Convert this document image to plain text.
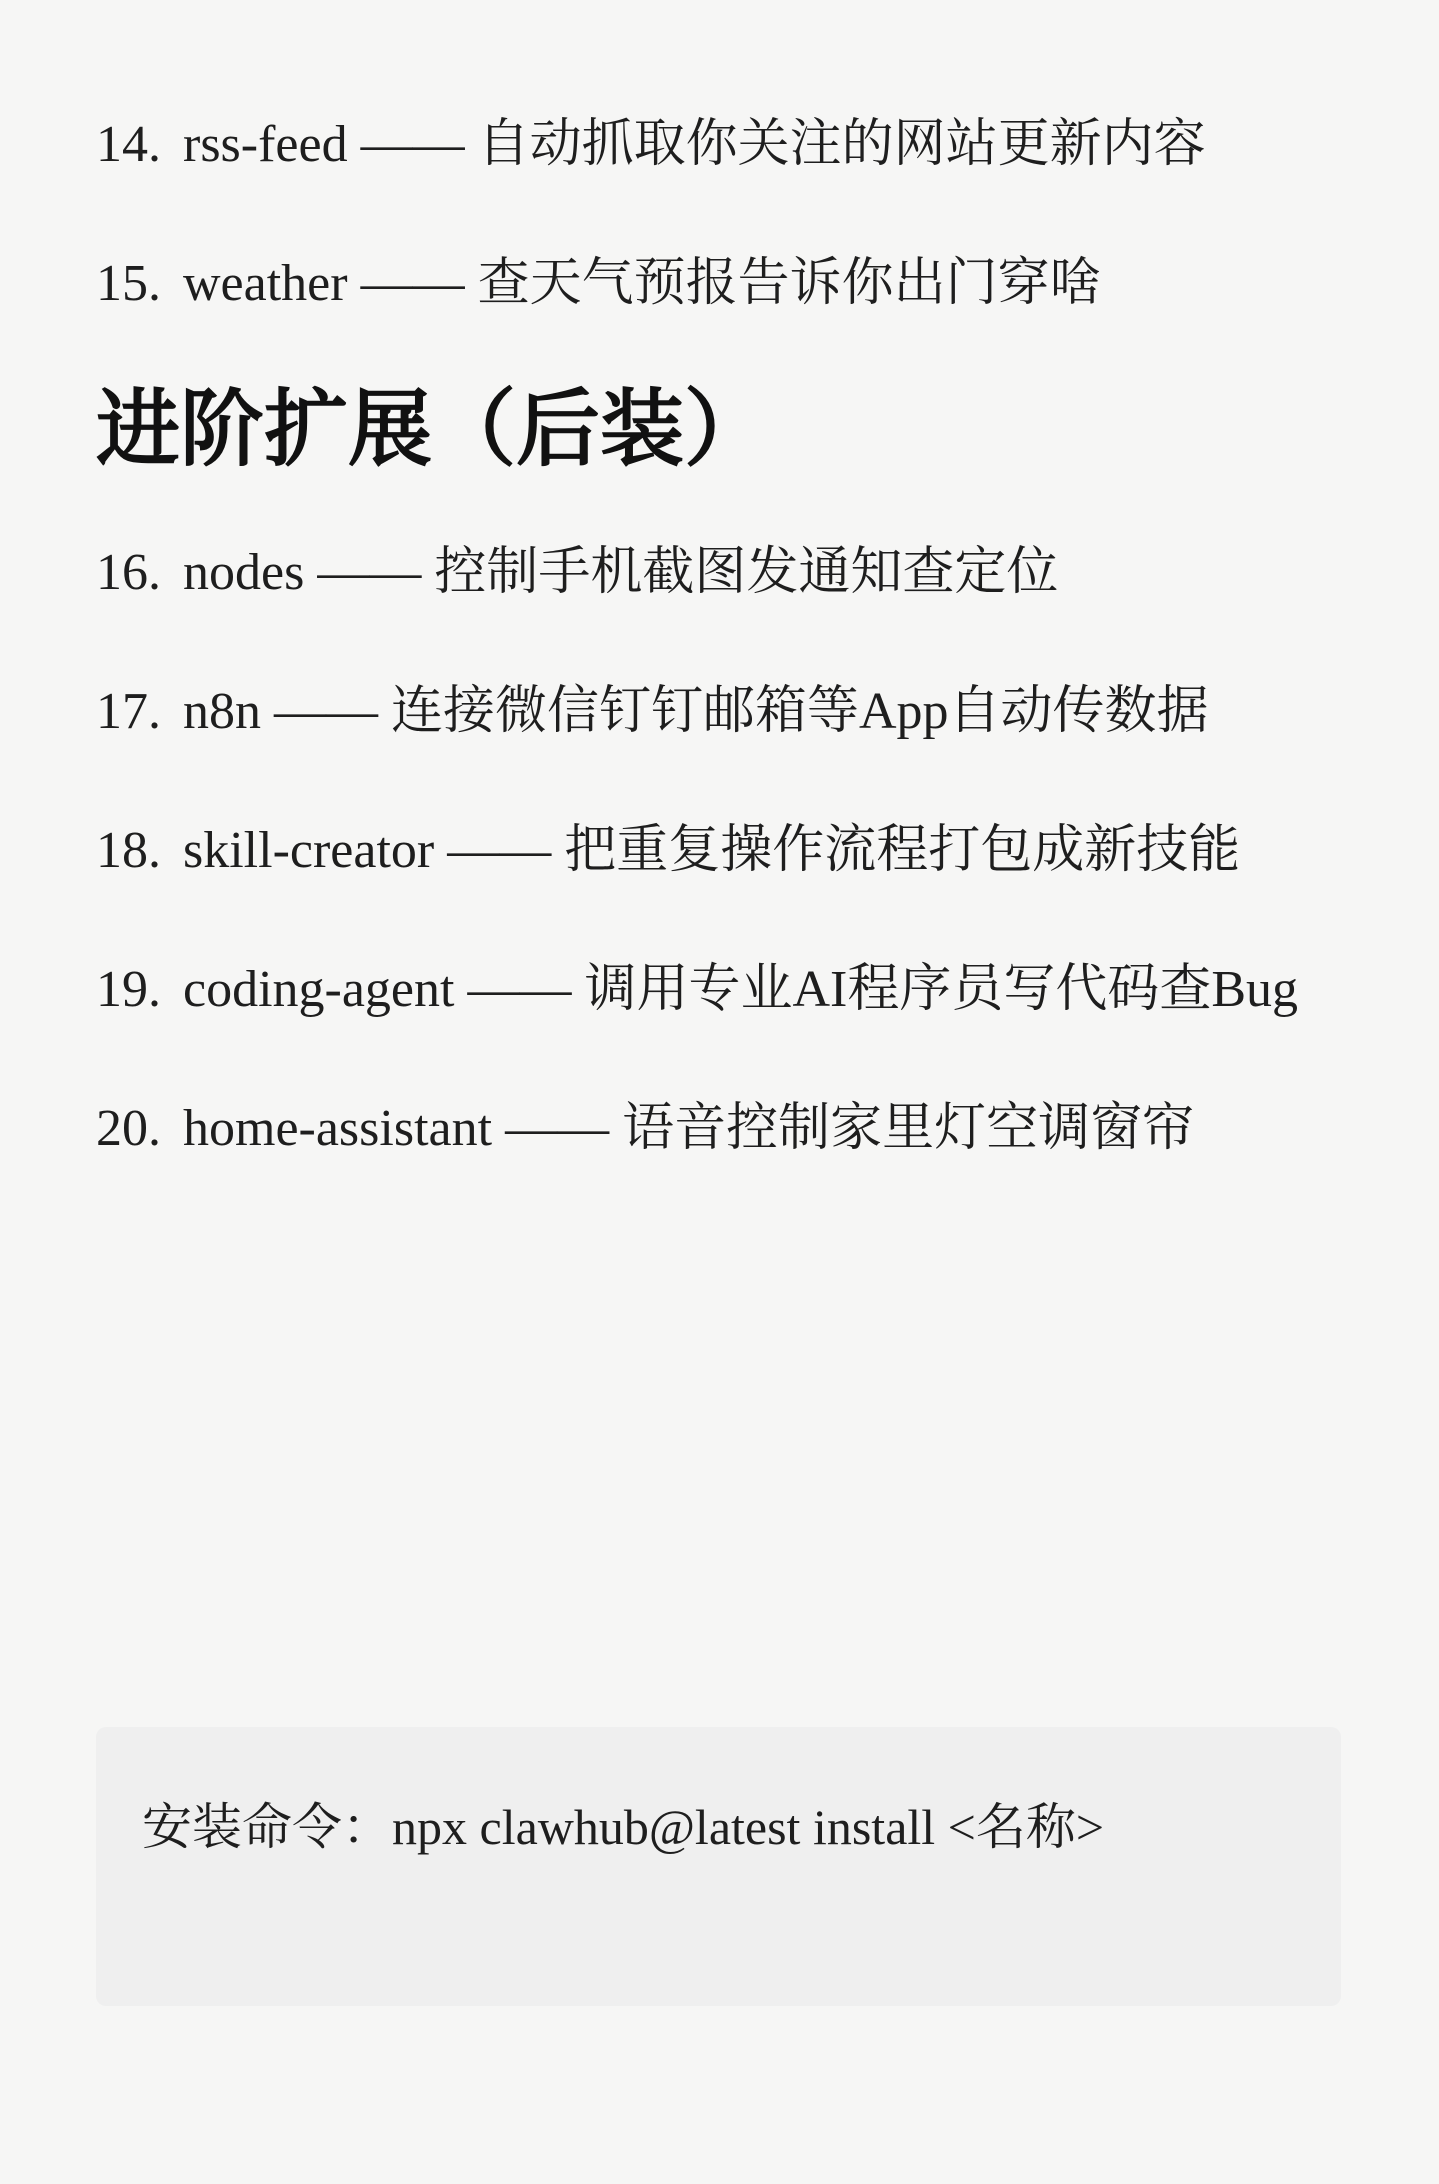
14. rss-feed —— 自动抓取你关注的网站更新内容
15. weather —— 查天气预报告诉你出门穿啥
进阶扩展（后装）
16. nodes —— 控制手机截图发通知查定位
17. n8n —— 连接微信钉钉邮箱等App自动传数据
18. skill-creator —— 把重复操作流程打包成新技能
19. coding-agent —— 调用专业AI程序员写代码查Bug
20. home-assistant —— 语音控制家里灯空调窗帘
安装命令：npx clawhub@latest install <名称>
